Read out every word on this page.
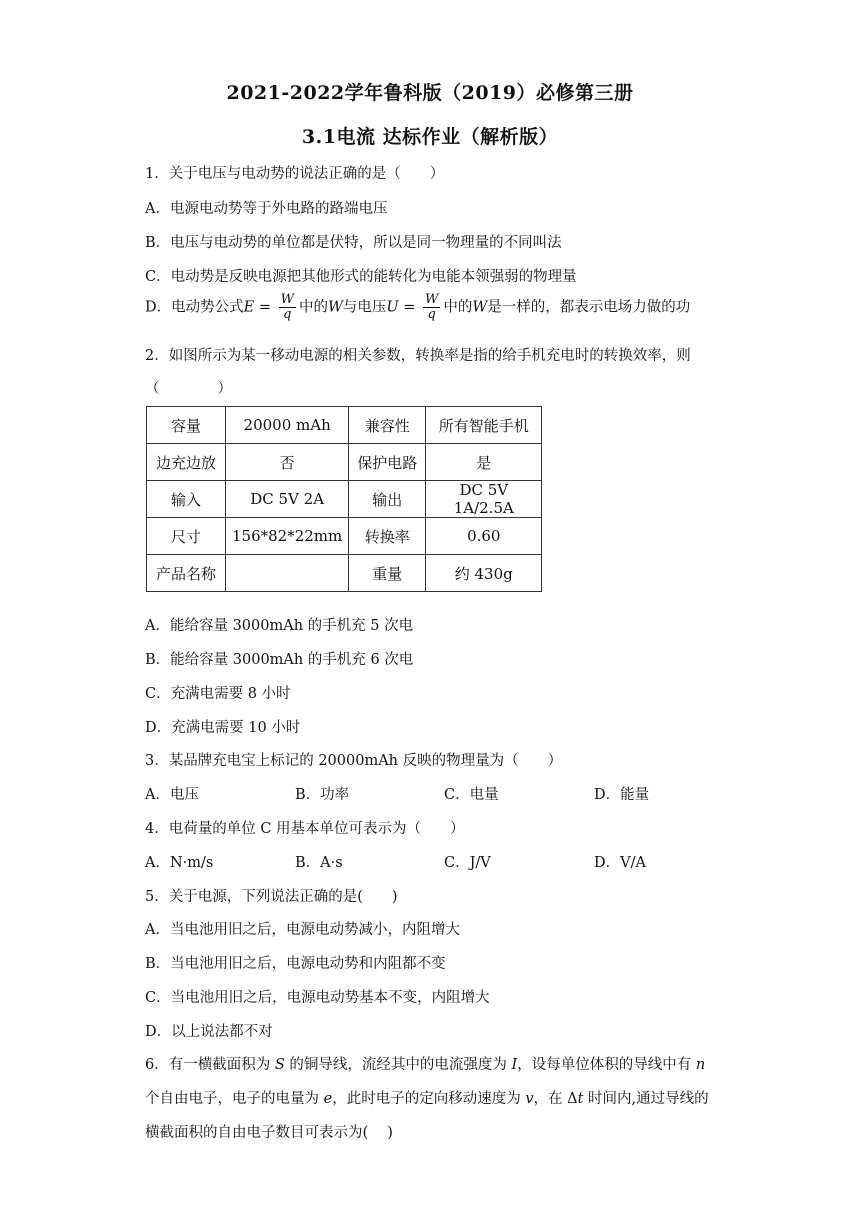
2021-2022学年鲁科版（2019）必修第三册
3.1电流 达标作业（解析版）
1．关于电压与电动势的说法正确的是（　　）
A．电源电动势等于外电路的路端电压
B．电压与电动势的单位都是伏特，所以是同一物理量的不同叫法
C．电动势是反映电源把其他形式的能转化为电能本领强弱的物理量
D．电动势公式$E = \frac{W}{q}$ 中的W与电压$U = \frac{W}{q}$ 中的W是一样的，都表示电场力做的功
2．如图所示为某一移动电源的相关参数，转换率是指的给手机充电时的转换效率，则
（　　　　）
容量	20000 mAh	兼容性	所有智能手机
边充边放	否	保护电路	是
输入	DC 5V 2A	输出	DC 5V 1A/2.5A
尺寸	156*82*22mm	转换率	0.60
产品名称		重量	约 430g
A．能给容量 3000mAh 的手机充 5 次电
B．能给容量 3000mAh 的手机充 6 次电
C．充满电需要 8 小时
D．充满电需要 10 小时
3．某品牌充电宝上标记的 20000mAh 反映的物理量为（　　）
A．电压	B．功率	C．电量	D．能量
4．电荷量的单位 C 用基本单位可表示为（　　）
A．N·m/s	B．A·s	C．J/V	D．V/A
5．关于电源，下列说法正确的是(　　)
A．当电池用旧之后，电源电动势减小，内阻增大
B．当电池用旧之后，电源电动势和内阻都不变
C．当电池用旧之后，电源电动势基本不变，内阻增大
D．以上说法都不对
6．有一横截面积为 S 的铜导线，流经其中的电流强度为 I，设每单位体积的导线中有 n
个自由电子，电子的电量为 e，此时电子的定向移动速度为 v，在 Δt 时间内,通过导线的
横截面积的自由电子数目可表示为(　 )
